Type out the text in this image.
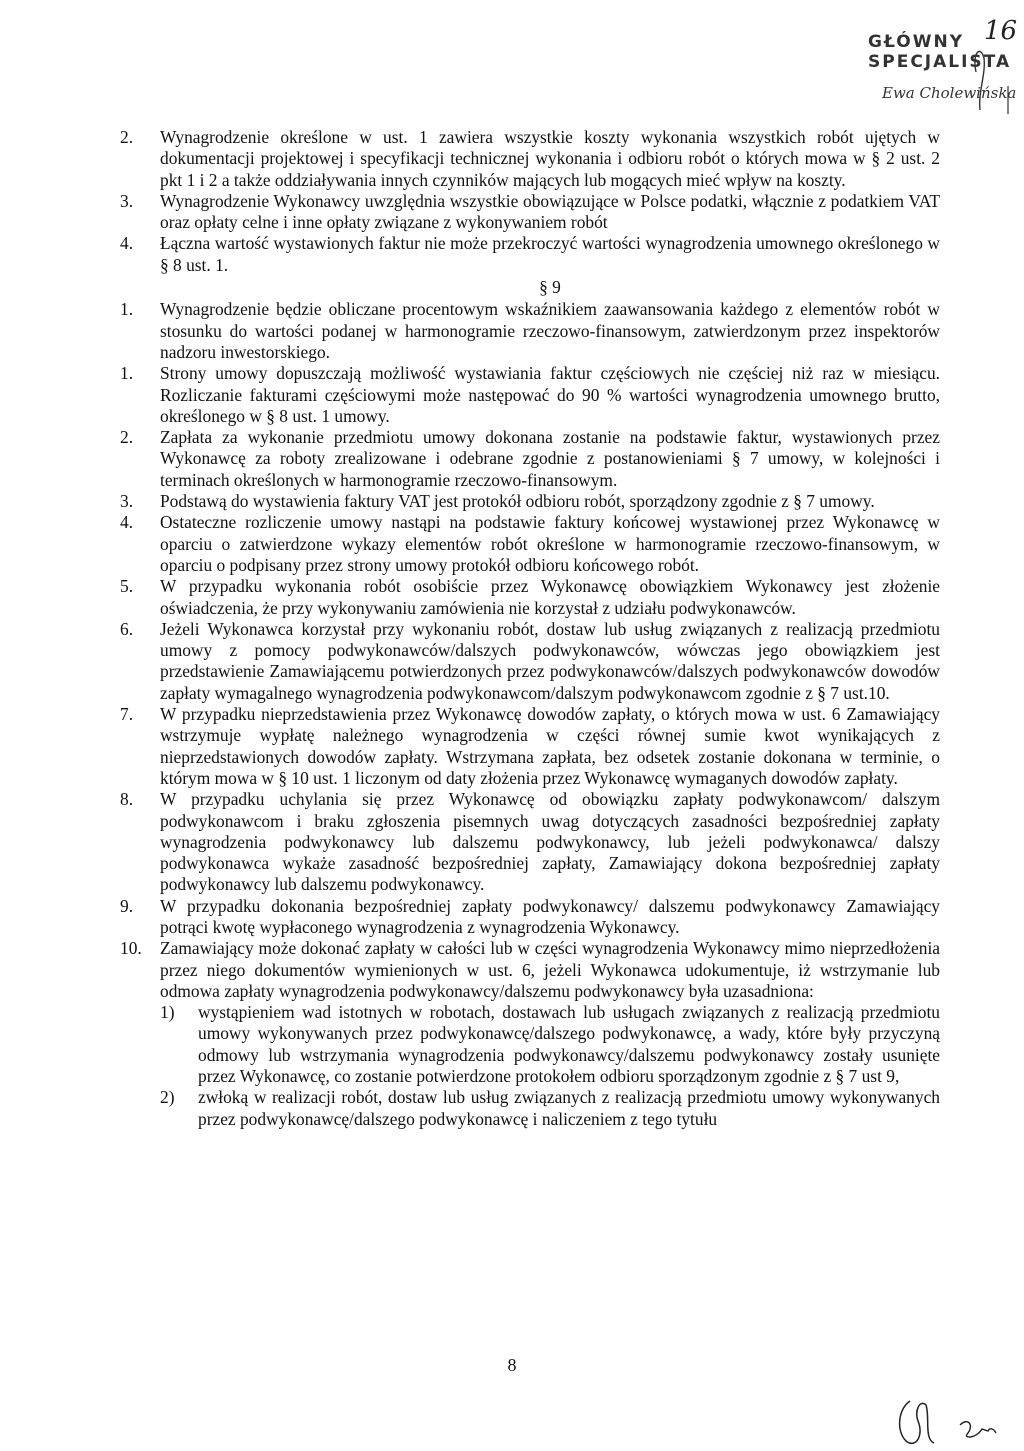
GŁÓWNY SPECJALISTA
16
Ewa Cholewińska
2.	Wynagrodzenie określone w ust. 1 zawiera wszystkie koszty wykonania wszystkich robót ujętych w dokumentacji projektowej i specyfikacji technicznej wykonania i odbioru robót o których mowa w § 2 ust. 2 pkt 1 i 2 a także oddziaływania innych czynników mających lub mogących mieć wpływ na koszty.
3.	Wynagrodzenie Wykonawcy uwzględnia wszystkie obowiązujące w Polsce podatki, włącznie z podatkiem VAT oraz opłaty celne i inne opłaty związane z wykonywaniem robót
4.	Łączna wartość wystawionych faktur nie może przekroczyć wartości wynagrodzenia umownego określonego w § 8 ust. 1.
§ 9
1.	Wynagrodzenie będzie obliczane procentowym wskaźnikiem zaawansowania każdego z elementów robót w stosunku do wartości podanej w harmonogramie rzeczowo-finansowym, zatwierdzonym przez inspektorów nadzoru inwestorskiego.
1.	Strony umowy dopuszczają możliwość wystawiania faktur częściowych nie częściej niż raz w miesiącu. Rozliczanie fakturami częściowymi może następować do 90 % wartości wynagrodzenia umownego brutto, określonego w § 8 ust. 1 umowy.
2.	Zapłata za wykonanie przedmiotu umowy dokonana zostanie na podstawie faktur, wystawionych przez Wykonawcę za roboty zrealizowane i odebrane zgodnie z postanowieniami § 7 umowy, w kolejności i terminach określonych w harmonogramie rzeczowo-finansowym.
3.	Podstawą do wystawienia faktury VAT jest protokół odbioru robót, sporządzony zgodnie z § 7 umowy.
4.	Ostateczne rozliczenie umowy nastąpi na podstawie faktury końcowej wystawionej przez Wykonawcę w oparciu o zatwierdzone wykazy elementów robót określone w harmonogramie rzeczowo-finansowym, w oparciu o podpisany przez strony umowy protokół odbioru końcowego robót.
5.	W przypadku wykonania robót osobiście przez Wykonawcę obowiązkiem Wykonawcy jest złożenie oświadczenia, że przy wykonywaniu zamówienia nie korzystał z udziału podwykonawców.
6.	Jeżeli Wykonawca korzystał przy wykonaniu robót, dostaw lub usług związanych z realizacją przedmiotu umowy z pomocy podwykonawców/dalszych podwykonawców, wówczas jego obowiązkiem jest przedstawienie Zamawiającemu potwierdzonych przez podwykonawców/dalszych podwykonawców dowodów zapłaty wymagalnego wynagrodzenia podwykonawcom/dalszym podwykonawcom zgodnie z § 7 ust.10.
7.	W przypadku nieprzedstawienia przez Wykonawcę dowodów zapłaty, o których mowa w ust. 6 Zamawiający wstrzymuje wypłatę należnego wynagrodzenia w części równej sumie kwot wynikających z nieprzedstawionych dowodów zapłaty. Wstrzymana zapłata, bez odsetek zostanie dokonana w terminie, o którym mowa w § 10 ust. 1 liczonym od daty złożenia przez Wykonawcę wymaganych dowodów zapłaty.
8.	W przypadku uchylania się przez Wykonawcę od obowiązku zapłaty podwykonawcom/ dalszym podwykonawcom i braku zgłoszenia pisemnych uwag dotyczących zasadności bezpośredniej zapłaty wynagrodzenia podwykonawcy lub dalszemu podwykonawcy, lub jeżeli podwykonawca/ dalszy podwykonawca wykaże zasadność bezpośredniej zapłaty, Zamawiający dokona bezpośredniej zapłaty podwykonawcy lub dalszemu podwykonawcy.
9.	W przypadku dokonania bezpośredniej zapłaty podwykonawcy/ dalszemu podwykonawcy Zamawiający potrąci kwotę wypłaconego wynagrodzenia z wynagrodzenia Wykonawcy.
10.	Zamawiający może dokonać zapłaty w całości lub w części wynagrodzenia Wykonawcy mimo nieprzedłożenia przez niego dokumentów wymienionych w ust. 6, jeżeli Wykonawca udokumentuje, iż wstrzymanie lub odmowa zapłaty wynagrodzenia podwykonawcy/dalszemu podwykonawcy była uzasadniona:
1)	wystąpieniem wad istotnych w robotach, dostawach lub usługach związanych z realizacją przedmiotu umowy wykonywanych przez podwykonawcę/dalszego podwykonawcę, a wady, które były przyczyną odmowy lub wstrzymania wynagrodzenia podwykonawcy/dalszemu podwykonawcy zostały usunięte przez Wykonawcę, co zostanie potwierdzone protokołem odbioru sporządzonym zgodnie z § 7 ust 9,
2)	zwłoką w realizacji robót, dostaw lub usług związanych z realizacją przedmiotu umowy wykonywanych przez podwykonawcę/dalszego podwykonawcę i naliczeniem z tego tytułu
8
